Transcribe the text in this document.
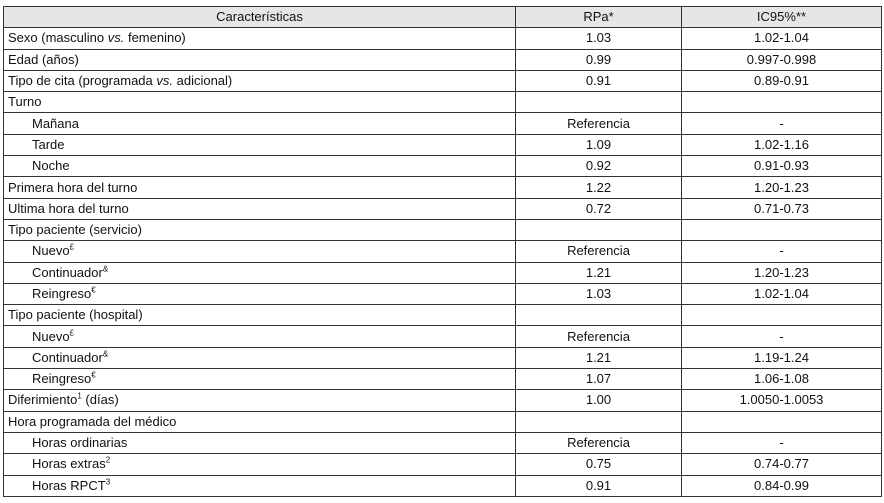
Características	RPa*	IC95%**
Sexo (masculino vs. femenino)	1.03	1.02-1.04
Edad (años)	0.99	0.997-0.998
Tipo de cita (programada vs. adicional)	0.91	0.89-0.91
Turno		
Mañana	Referencia	-
Tarde	1.09	1.02-1.16
Noche	0.92	0.91-0.93
Primera hora del turno	1.22	1.20-1.23
Ultima hora del turno	0.72	0.71-0.73
Tipo paciente (servicio)		
Nuevo£	Referencia	-
Continuador&	1.21	1.20-1.23
Reingreso€	1.03	1.02-1.04
Tipo paciente (hospital)		
Nuevo£	Referencia	-
Continuador&	1.21	1.19-1.24
Reingreso€	1.07	1.06-1.08
Diferimiento$^1$ (días)	1.00	1.0050-1.0053
Hora programada del médico		
Horas ordinarias	Referencia	-
Horas extras$^2$	0.75	0.74-0.77
Horas RPCT$^3$	0.91	0.84-0.99
